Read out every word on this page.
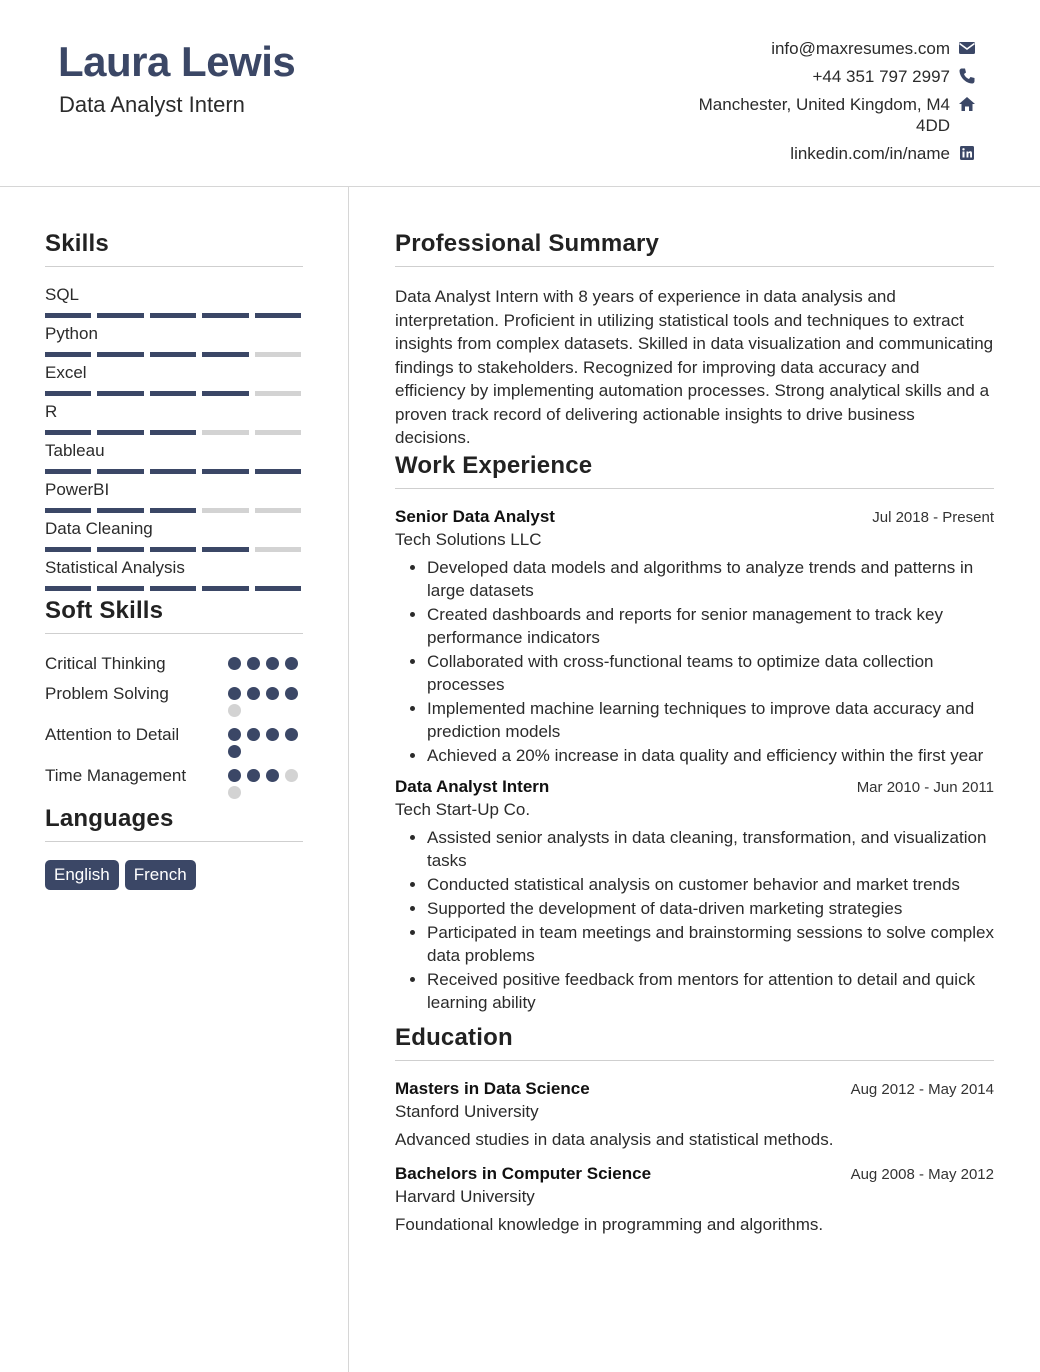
Laura Lewis
Data Analyst Intern
info@maxresumes.com
+44 351 797 2997
Manchester, United Kingdom, M4 4DD
linkedin.com/in/name
Skills
SQL
Python
Excel
R
Tableau
PowerBI
Data Cleaning
Statistical Analysis
Soft Skills
Critical Thinking
Problem Solving
Attention to Detail
Time Management
Languages
English	French
Professional Summary

Data Analyst Intern with 8 years of experience in data analysis and interpretation. Proficient in utilizing statistical tools and techniques to extract insights from complex datasets. Skilled in data visualization and communicating findings to stakeholders. Recognized for improving data accuracy and efficiency by implementing automation processes. Strong analytical skills and a proven track record of delivering actionable insights to drive business decisions.

Work Experience
Senior Data Analyst	Jul 2018 - Present
Tech Solutions LLC
• Developed data models and algorithms to analyze trends and patterns in large datasets
• Created dashboards and reports for senior management to track key performance indicators
• Collaborated with cross-functional teams to optimize data collection processes
• Implemented machine learning techniques to improve data accuracy and prediction models
• Achieved a 20% increase in data quality and efficiency within the first year
Data Analyst Intern	Mar 2010 - Jun 2011
Tech Start-Up Co.
• Assisted senior analysts in data cleaning, transformation, and visualization tasks
• Conducted statistical analysis on customer behavior and market trends
• Supported the development of data-driven marketing strategies
• Participated in team meetings and brainstorming sessions to solve complex data problems
• Received positive feedback from mentors for attention to detail and quick learning ability
Education
Masters in Data Science	Aug 2012 - May 2014
Stanford University
Advanced studies in data analysis and statistical methods.
Bachelors in Computer Science	Aug 2008 - May 2012
Harvard University
Foundational knowledge in programming and algorithms.
